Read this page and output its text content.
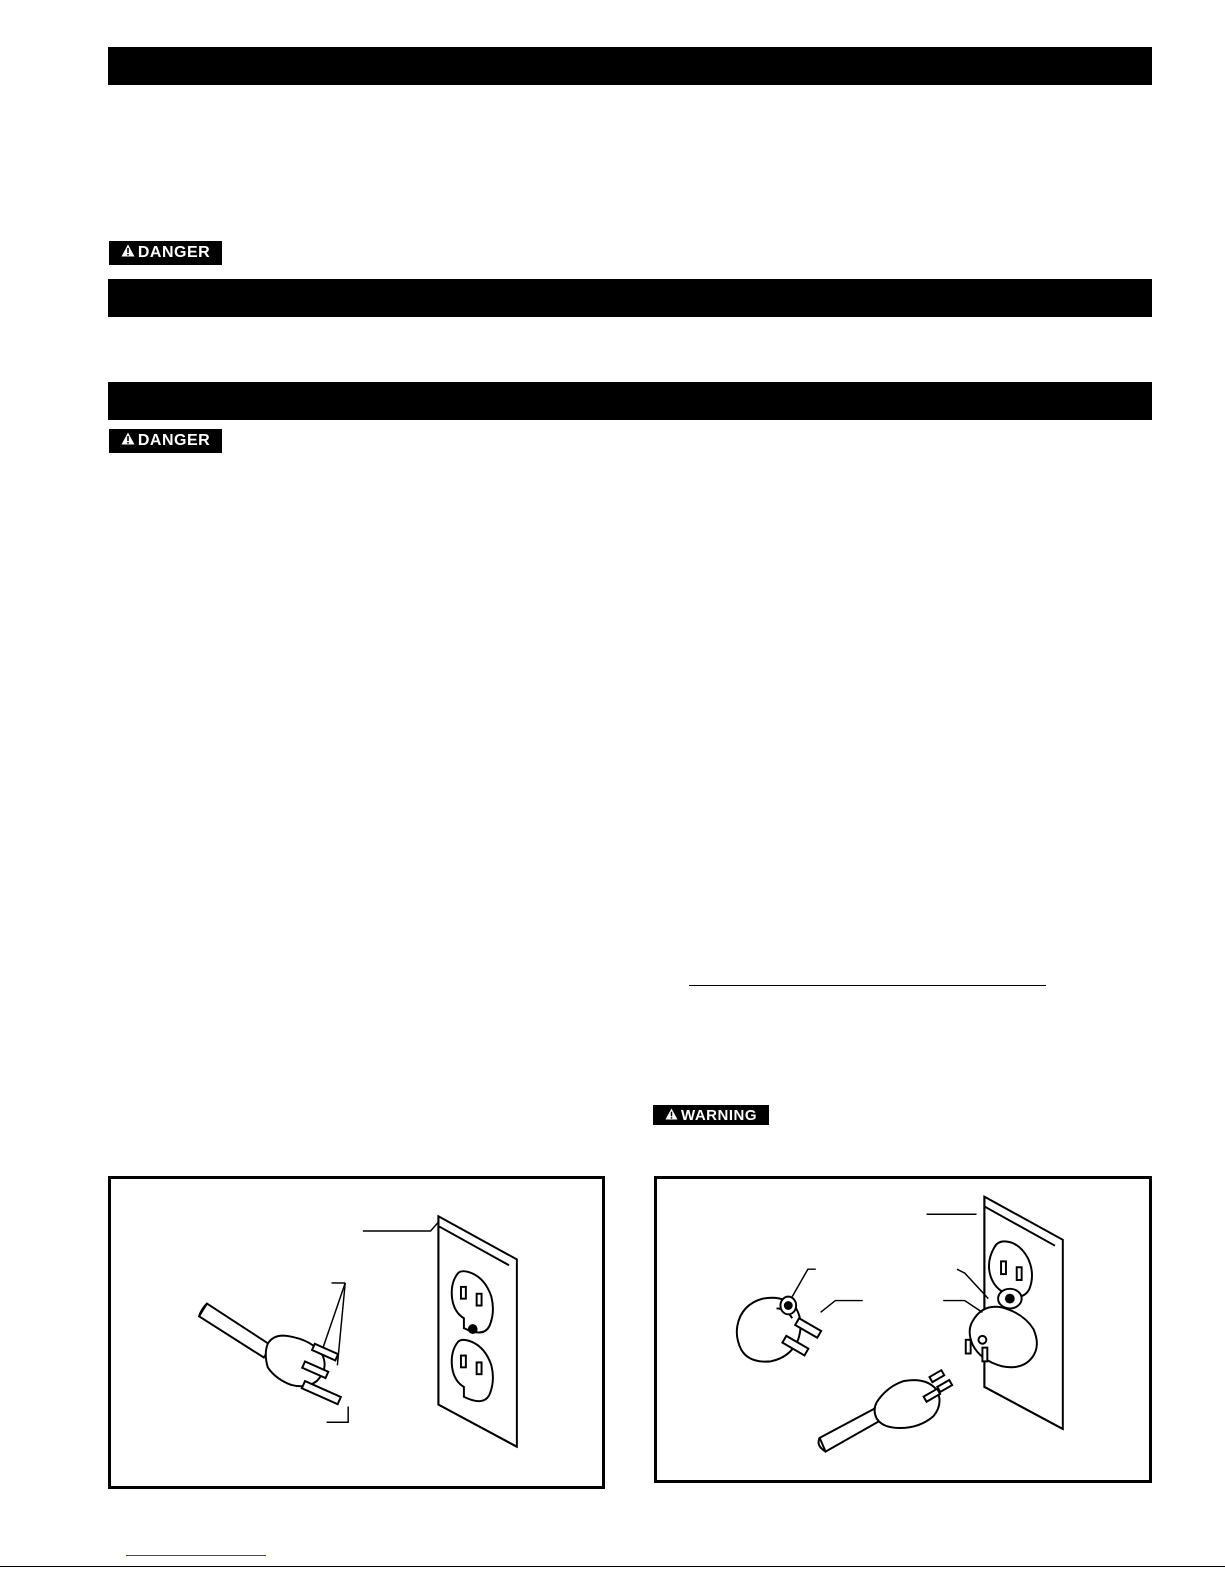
DANGER
DANGER
WARNING
